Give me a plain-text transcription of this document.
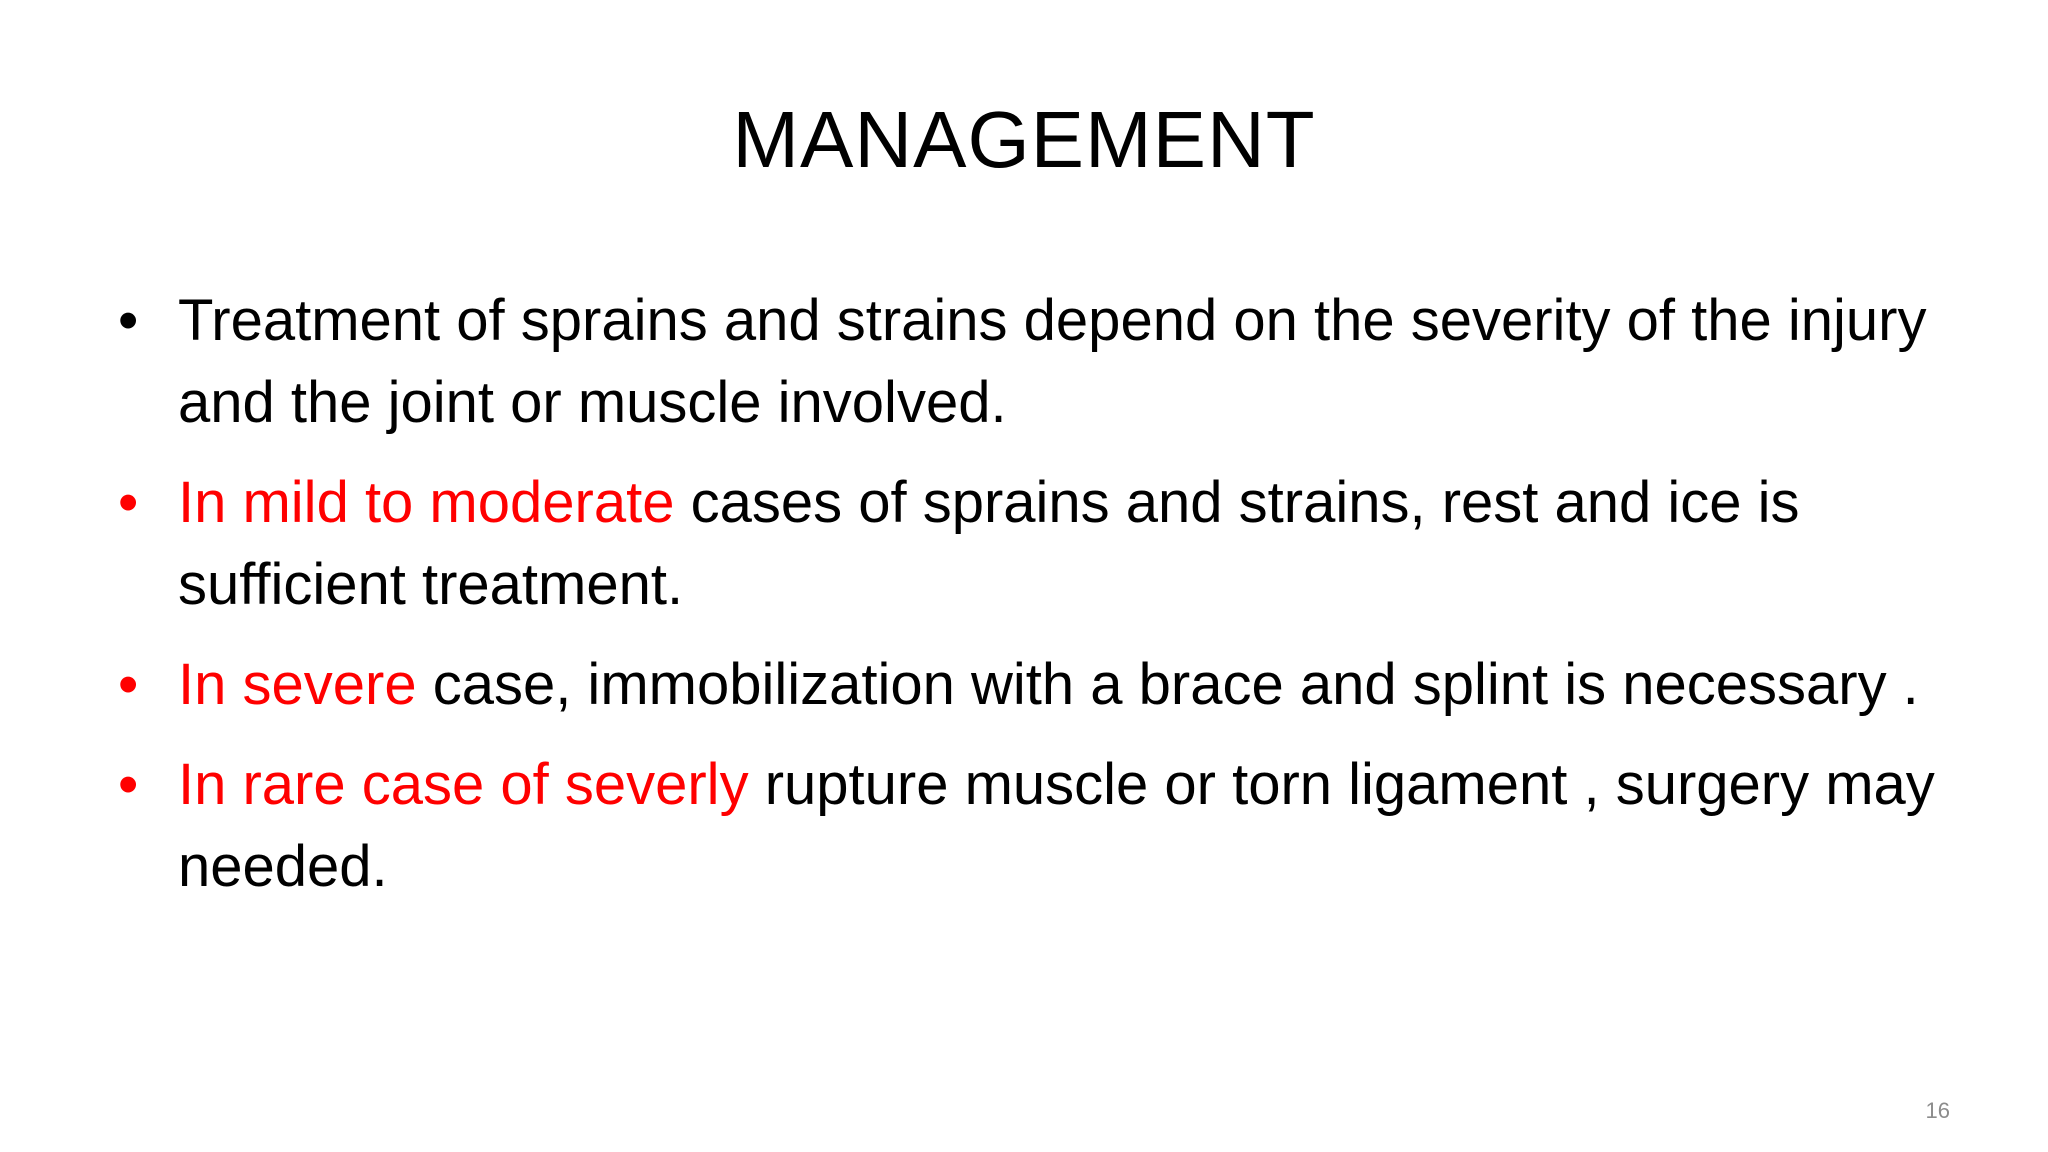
MANAGEMENT
• Treatment of sprains and strains depend on the severity of the injury and the joint or muscle involved.
• In mild to moderate cases of sprains and strains, rest and ice is sufficient treatment.
• In severe case, immobilization with a brace and splint is necessary .
• In rare case of severly rupture muscle or torn ligament , surgery may needed.
16
